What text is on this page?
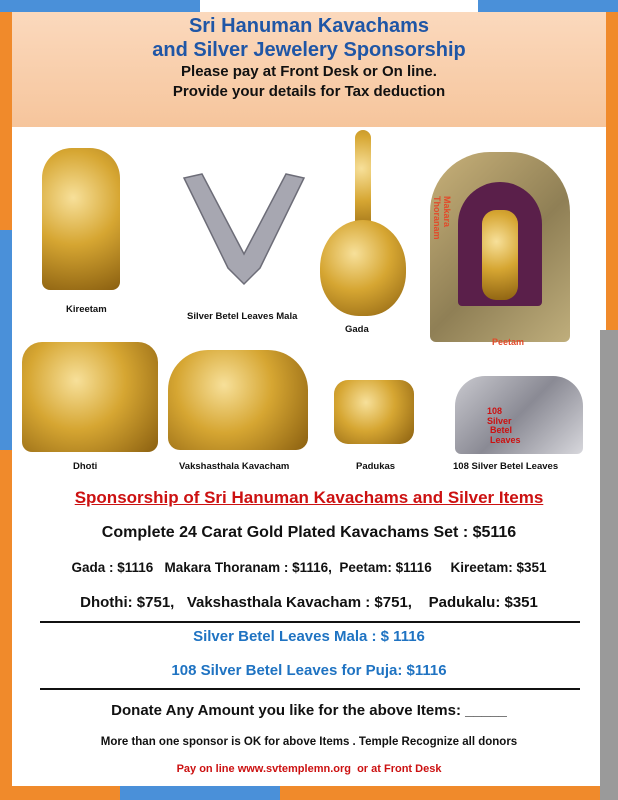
Sri Hanuman Kavachams

and Silver Jewelery Sponsorship

Please pay at Front Desk or On line.

Provide your details for Tax deduction

Kireetam
Silver Betel Leaves Mala
Gada
Makara Thoranam
Peetam
Dhoti	Vakshasthala Kavacham	Padukas
108 Silver
Betel Leaves
108 Silver Betel Leaves
Sponsorship of Sri Hanuman Kavachams and Silver Items
Complete 24 Carat Gold Plated Kavachams Set : $5116
Gada : $1116   Makara Thoranam : $1116,  Peetam: $1116     Kireetam: $351
Dhothi: $751,   Vakshasthala Kavacham : $751,    Padukalu: $351
Silver Betel Leaves Mala : $ 1116
108 Silver Betel Leaves for Puja: $1116
Donate Any Amount you like for the above Items: _____
More than one sponsor is OK for above Items . Temple Recognize all donors
Pay on line www.svtemplemn.org  or at Front Desk
